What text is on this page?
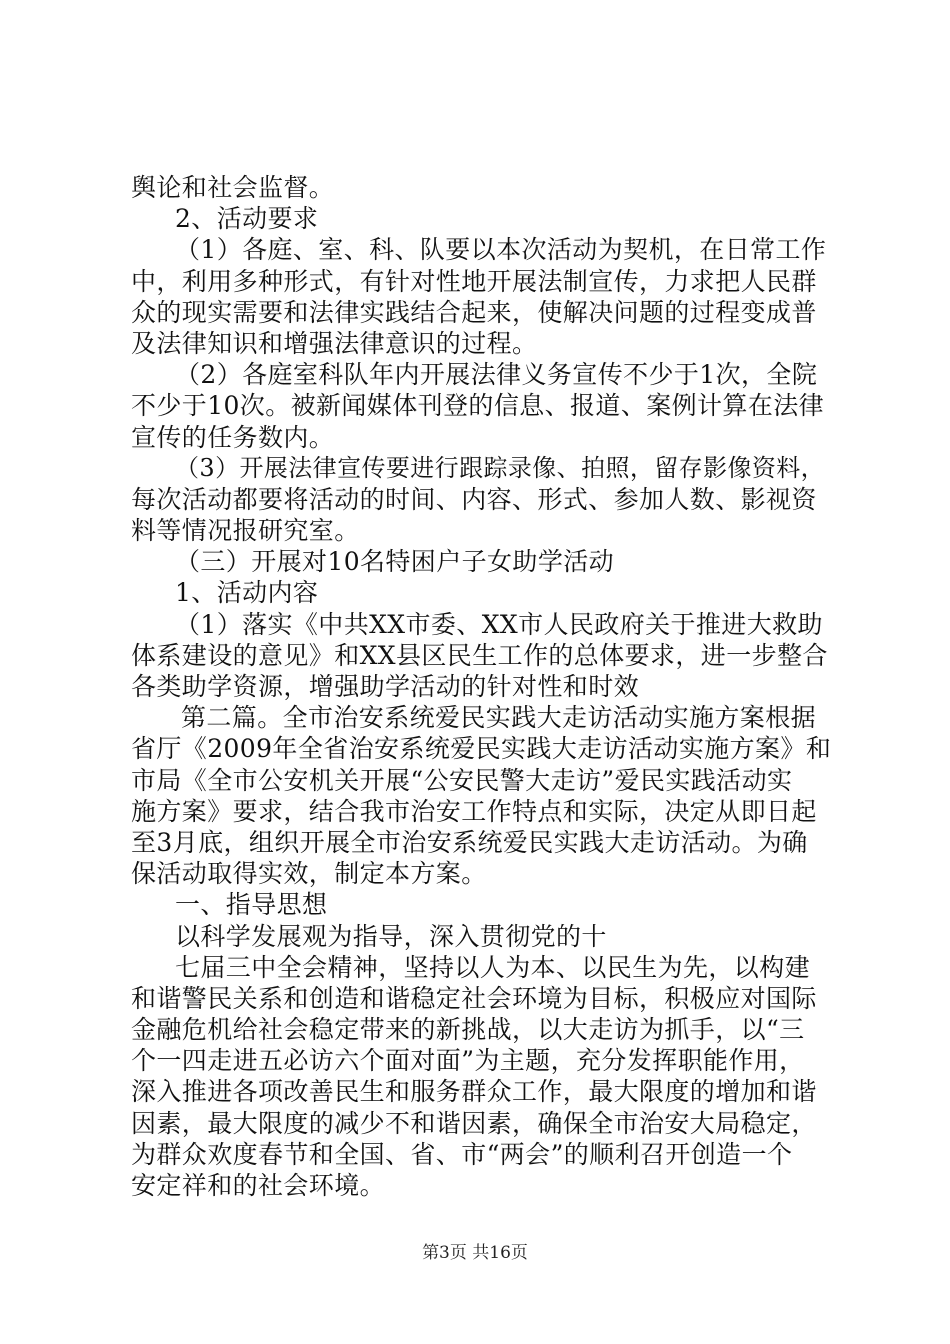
舆论和社会监督。
2、活动要求
（1）各庭、室、科、队要以本次活动为契机，在日常工作
中，利用多种形式，有针对性地开展法制宣传，力求把人民群
众的现实需要和法律实践结合起来，使解决问题的过程变成普
及法律知识和增强法律意识的过程。
（2）各庭室科队年内开展法律义务宣传不少于1次，全院
不少于10次。被新闻媒体刊登的信息、报道、案例计算在法律
宣传的任务数内。
（3）开展法律宣传要进行跟踪录像、拍照，留存影像资料，
每次活动都要将活动的时间、内容、形式、参加人数、影视资
料等情况报研究室。
（三）开展对10名特困户子女助学活动
1、活动内容
（1）落实《中共XX市委、XX市人民政府关于推进大救助
体系建设的意见》和XX县区民生工作的总体要求，进一步整合
各类助学资源，增强助学活动的针对性和时效
第二篇。全市治安系统爱民实践大走访活动实施方案根据
省厅《2009年全省治安系统爱民实践大走访活动实施方案》和
市局《全市公安机关开展“公安民警大走访”爱民实践活动实
施方案》要求，结合我市治安工作特点和实际，决定从即日起
至3月底，组织开展全市治安系统爱民实践大走访活动。为确
保活动取得实效，制定本方案。
一、指导思想
以科学发展观为指导，深入贯彻党的十
七届三中全会精神，坚持以人为本、以民生为先，以构建
和谐警民关系和创造和谐稳定社会环境为目标，积极应对国际
金融危机给社会稳定带来的新挑战，以大走访为抓手，以“三
个一四走进五必访六个面对面”为主题，充分发挥职能作用，
深入推进各项改善民生和服务群众工作，最大限度的增加和谐
因素，最大限度的减少不和谐因素，确保全市治安大局稳定，
为群众欢度春节和全国、省、市“两会”的顺利召开创造一个
安定祥和的社会环境。
第3页 共16页
